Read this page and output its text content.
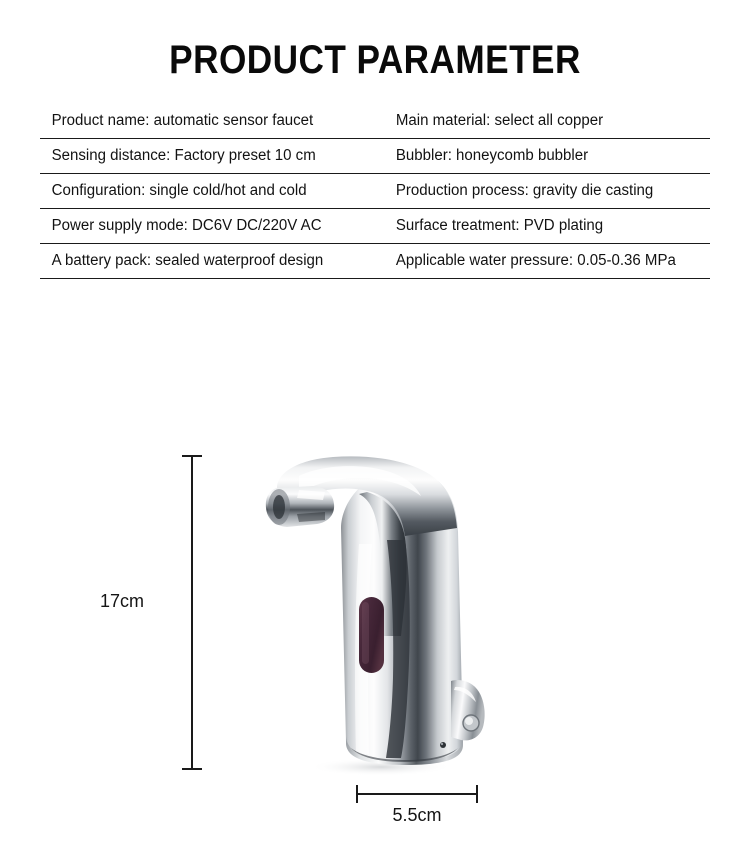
PRODUCT PARAMETER
Product name: automatic sensor faucet	Main material: select all copper
Sensing distance: Factory preset 10 cm	Bubbler: honeycomb bubbler
Configuration: single cold/hot and cold	Production process: gravity die casting
Power supply mode: DC6V DC/220V AC	Surface treatment: PVD plating
A battery pack: sealed waterproof design	Applicable water pressure: 0.05-0.36 MPa
17cm
5.5cm
